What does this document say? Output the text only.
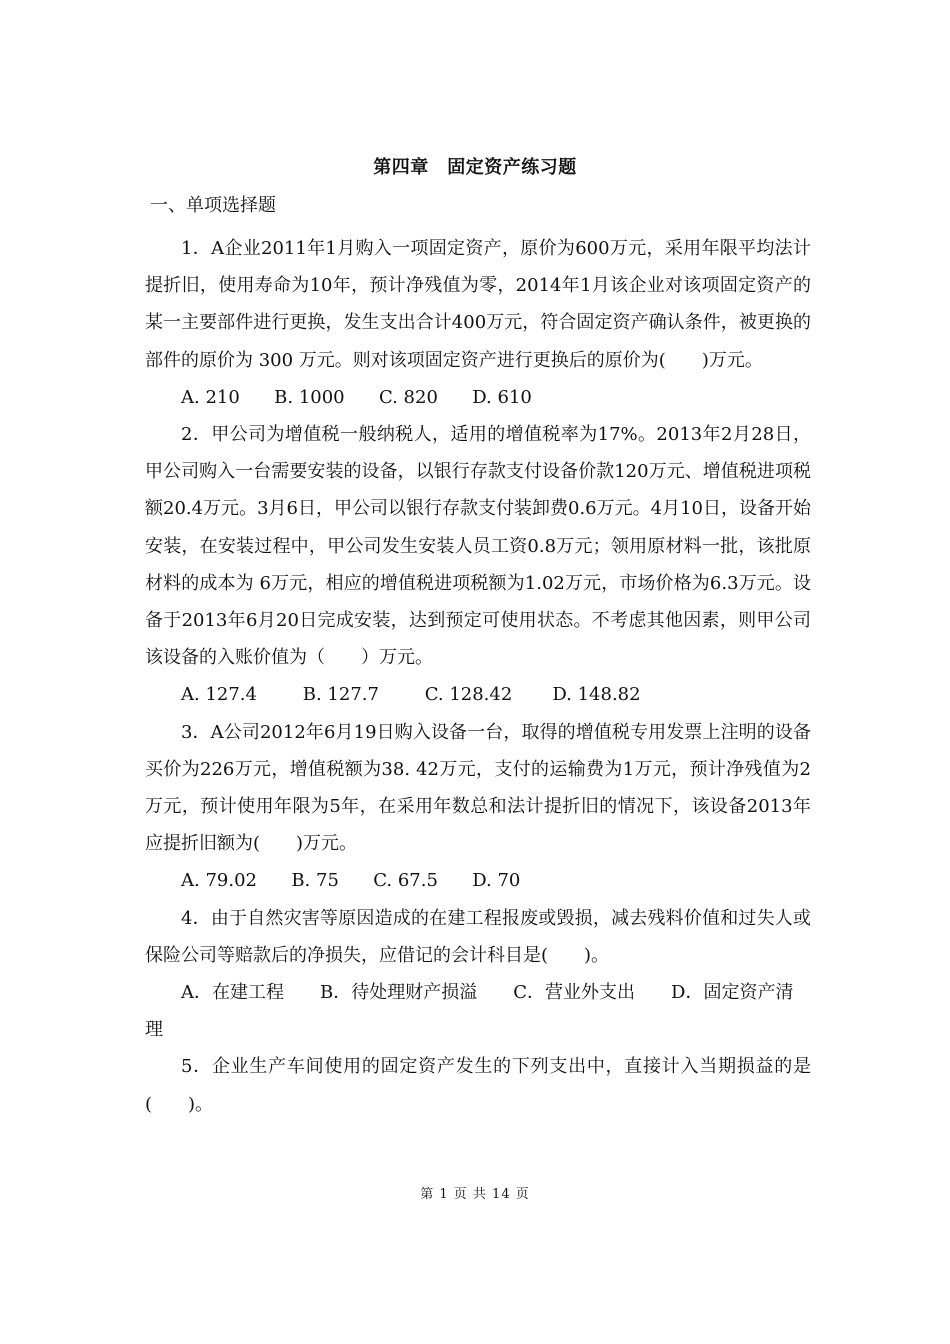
第四章　固定资产练习题
一、单项选择题

1．A企业2011年1月购入一项固定资产，原价为600万元，采用年限平均法计提折旧，使用寿命为10年，预计净残值为零，2014年1月该企业对该项固定资产的某一主要部件进行更换，发生支出合计400万元，符合固定资产确认条件，被更换的部件的原价为 300 万元。则对该项固定资产进行更换后的原价为(　　)万元。

A. 210 B. 1000 C. 820 D. 610

2．甲公司为增值税一般纳税人，适用的增值税率为17%。2013年2月28日，甲公司购入一台需要安装的设备，以银行存款支付设备价款120万元、增值税进项税额20.4万元。3月6日，甲公司以银行存款支付装卸费0.6万元。4月10日，设备开始安装，在安装过程中，甲公司发生安装人员工资0.8万元；领用原材料一批，该批原材料的成本为 6万元，相应的增值税进项税额为1.02万元，市场价格为6.3万元。设备于2013年6月20日完成安装，达到预定可使用状态。不考虑其他因素，则甲公司该设备的入账价值为（　　）万元。

A. 127.4	B. 127.7	C. 128.42 D. 148.82

3．A公司2012年6月19日购入设备一台，取得的增值税专用发票上注明的设备买价为226万元，增值税额为38. 42万元，支付的运输费为1万元，预计净残值为2万元，预计使用年限为5年，在采用年数总和法计提折旧的情况下，该设备2013年应提折旧额为(　　)万元。

A. 79.02 B. 75 C. 67.5 D. 70

4．由于自然灾害等原因造成的在建工程报废或毁损，减去残料价值和过失人或保险公司等赔款后的净损失，应借记的会计科目是(　　)。

A．在建工程　　 B．待处理财产损溢　　 C．营业外支出　　 D．固定资产清理

5．企业生产车间使用的固定资产发生的下列支出中，直接计入当期损益的是(　　)。

第 1 页 共 14 页
